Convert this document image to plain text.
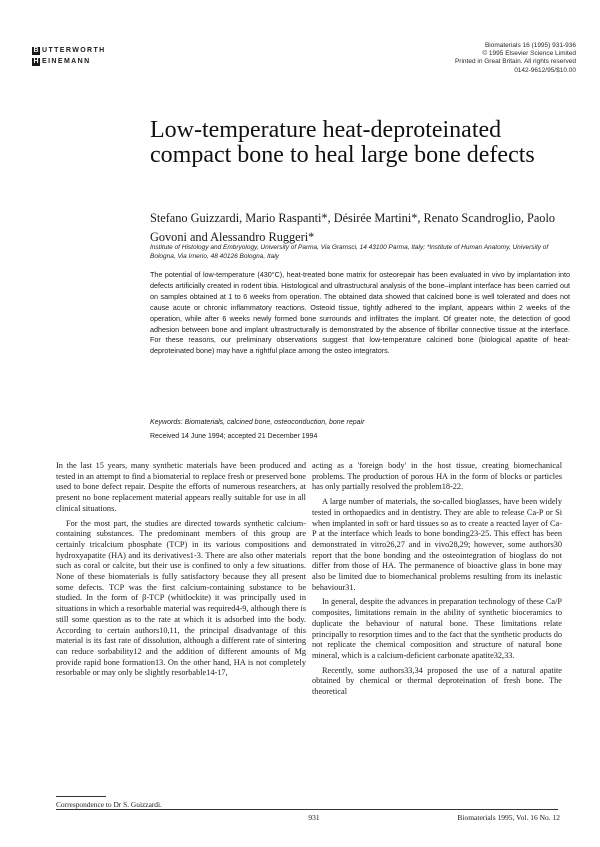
B UTTERWORTH
H EINEMANN
Biomaterials 16 (1995) 931-936
© 1995 Elsevier Science Limited
Printed in Great Britain. All rights reserved
0142-9612/95/$10.00
Low-temperature heat-deproteinated compact bone to heal large bone defects
Stefano Guizzardi, Mario Raspanti*, Désirée Martini*, Renato Scandroglio, Paolo Govoni and Alessandro Ruggeri*
Institute of Histology and Embryology, University of Parma, Via Gramsci, 14 43100 Parma, Italy; *Institute of Human Anatomy, University of Bologna, Via Irnerio, 48 40126 Bologna, Italy
The potential of low-temperature (430°C), heat-treated bone matrix for osteorepair has been evaluated in vivo by implantation into defects artificially created in rodent tibia. Histological and ultrastructural analysis of the bone–implant interface has been carried out on samples obtained at 1 to 6 weeks from operation. The obtained data showed that calcined bone is well tolerated and does not cause acute or chronic inflammatory reactions. Osteoid tissue, tightly adhered to the implant, appears within 2 weeks of the operation, while after 6 weeks newly formed bone surrounds and infiltrates the implant. Of greater note, the detection of good adhesion between bone and implant ultrastructurally is demonstrated by the absence of fibrillar connective tissue at the interface. For these reasons, our preliminary observations suggest that low-temperature calcined bone (biological apatite of heat-deproteinated bone) may have a rightful place among the osteo integrators.
Keywords: Biomaterials, calcined bone, osteoconduction, bone repair
Received 14 June 1994; accepted 21 December 1994

In the last 15 years, many synthetic materials have been produced and tested in an attempt to find a biomaterial to replace fresh or preserved bone used to bone defect repair. Despite the efforts of numerous researchers, at present no bone replacement material appears really suitable for use in all clinical situations.

For the most part, the studies are directed towards synthetic calcium-containing substances. The predominant members of this group are certainly tricalcium phosphate (TCP) in its various compositions and hydroxyapatite (HA) and its derivatives1-3. There are also other materials such as coral or calcite, but their use is confined to only a few situations. None of these biomaterials is fully satisfactory because they all present some defects. TCP was the first calcium-containing substance to be studied. In the form of β-TCP (whitlockite) it was principally used in situations in which a resorbable material was required4-9, although there is still some question as to the rate at which it is adsorbed into the body. According to certain authors10,11, the principal disadvantage of this material is its fast rate of dissolution, although a different rate of sintering can reduce sorbability12 and the addition of different amounts of Mg provide rapid bone formation13. On the other hand, HA is not completely resorbable or may only be slightly resorbable14-17,

acting as a 'foreign body' in the host tissue, creating biomechanical problems. The production of porous HA in the form of blocks or particles has only partially resolved the problem18-22.

A large number of materials, the so-called bioglasses, have been widely tested in orthopaedics and in dentistry. They are able to release Ca-P or Si when implanted in soft or hard tissues so as to create a reacted layer of Ca-P at the interface which leads to bone bonding23-25. This effect has been demonstrated in vitro26,27 and in vivo28,29; however, some authors30 report that the bone bonding and the osteointegration of bioglass do not differ from those of HA. The permanence of bioactive glass in bone may also be limited due to biomechanical problems resulting from its inelastic behaviour31.

In general, despite the advances in preparation technology of these Ca/P composites, limitations remain in the ability of synthetic bioceramics to duplicate the behaviour of natural bone. These limitations relate principally to resorption times and to the fact that the synthetic products do not replicate the chemical composition and structure of natural bone mineral, which is a calcium-deficient carbonate apatite32,33.

Recently, some authors33,34 proposed the use of a natural apatite obtained by chemical or thermal deproteination of fresh bone. The theoretical

Correspondence to Dr S. Guizzardi.
931	Biomaterials 1995, Vol. 16 No. 12
